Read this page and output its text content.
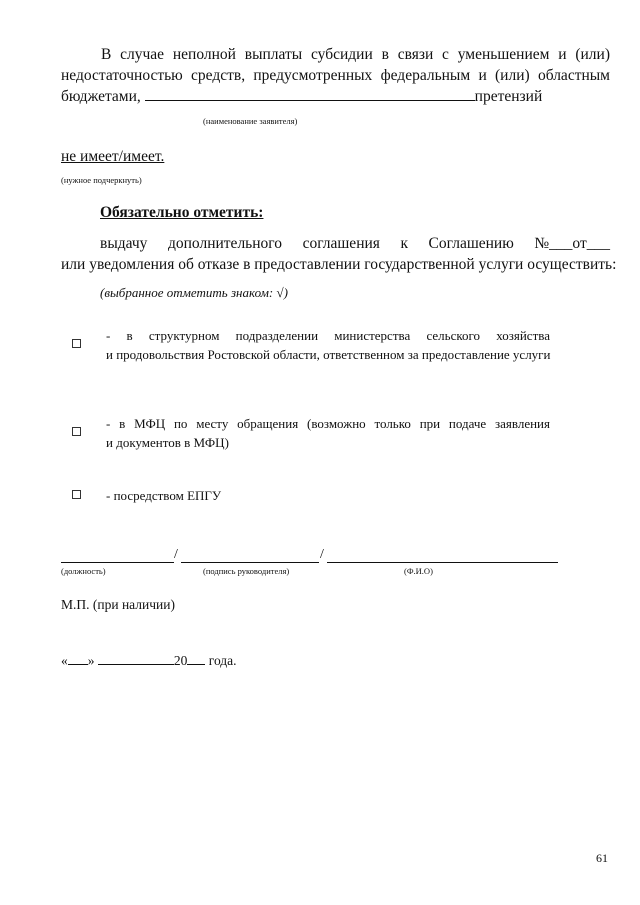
В случае неполной выплаты субсидии в связи с уменьшением и (или)
недостаточностью средств, предусмотренных федеральным и (или) областным
бюджетами,	претензий
(наименование заявителя)
не имеет/имеет.
(нужное подчеркнуть)
Обязательно отметить:
выдачу дополнительного соглашения к Соглашению №___от___
или уведомления об отказе в предоставлении государственной услуги осуществить:
(выбранное отметить знаком: √)
- в структурном подразделении министерства сельского хозяйства
и продовольствия Ростовской области, ответственном за предоставление услуги
- в МФЦ по месту обращения (возможно только при подаче заявления
и документов в МФЦ)
- посредством ЕПГУ
/	/
(должность)	(подпись руководителя)	(Ф.И.О)
М.П. (при наличии)
« »	20 года.
61
